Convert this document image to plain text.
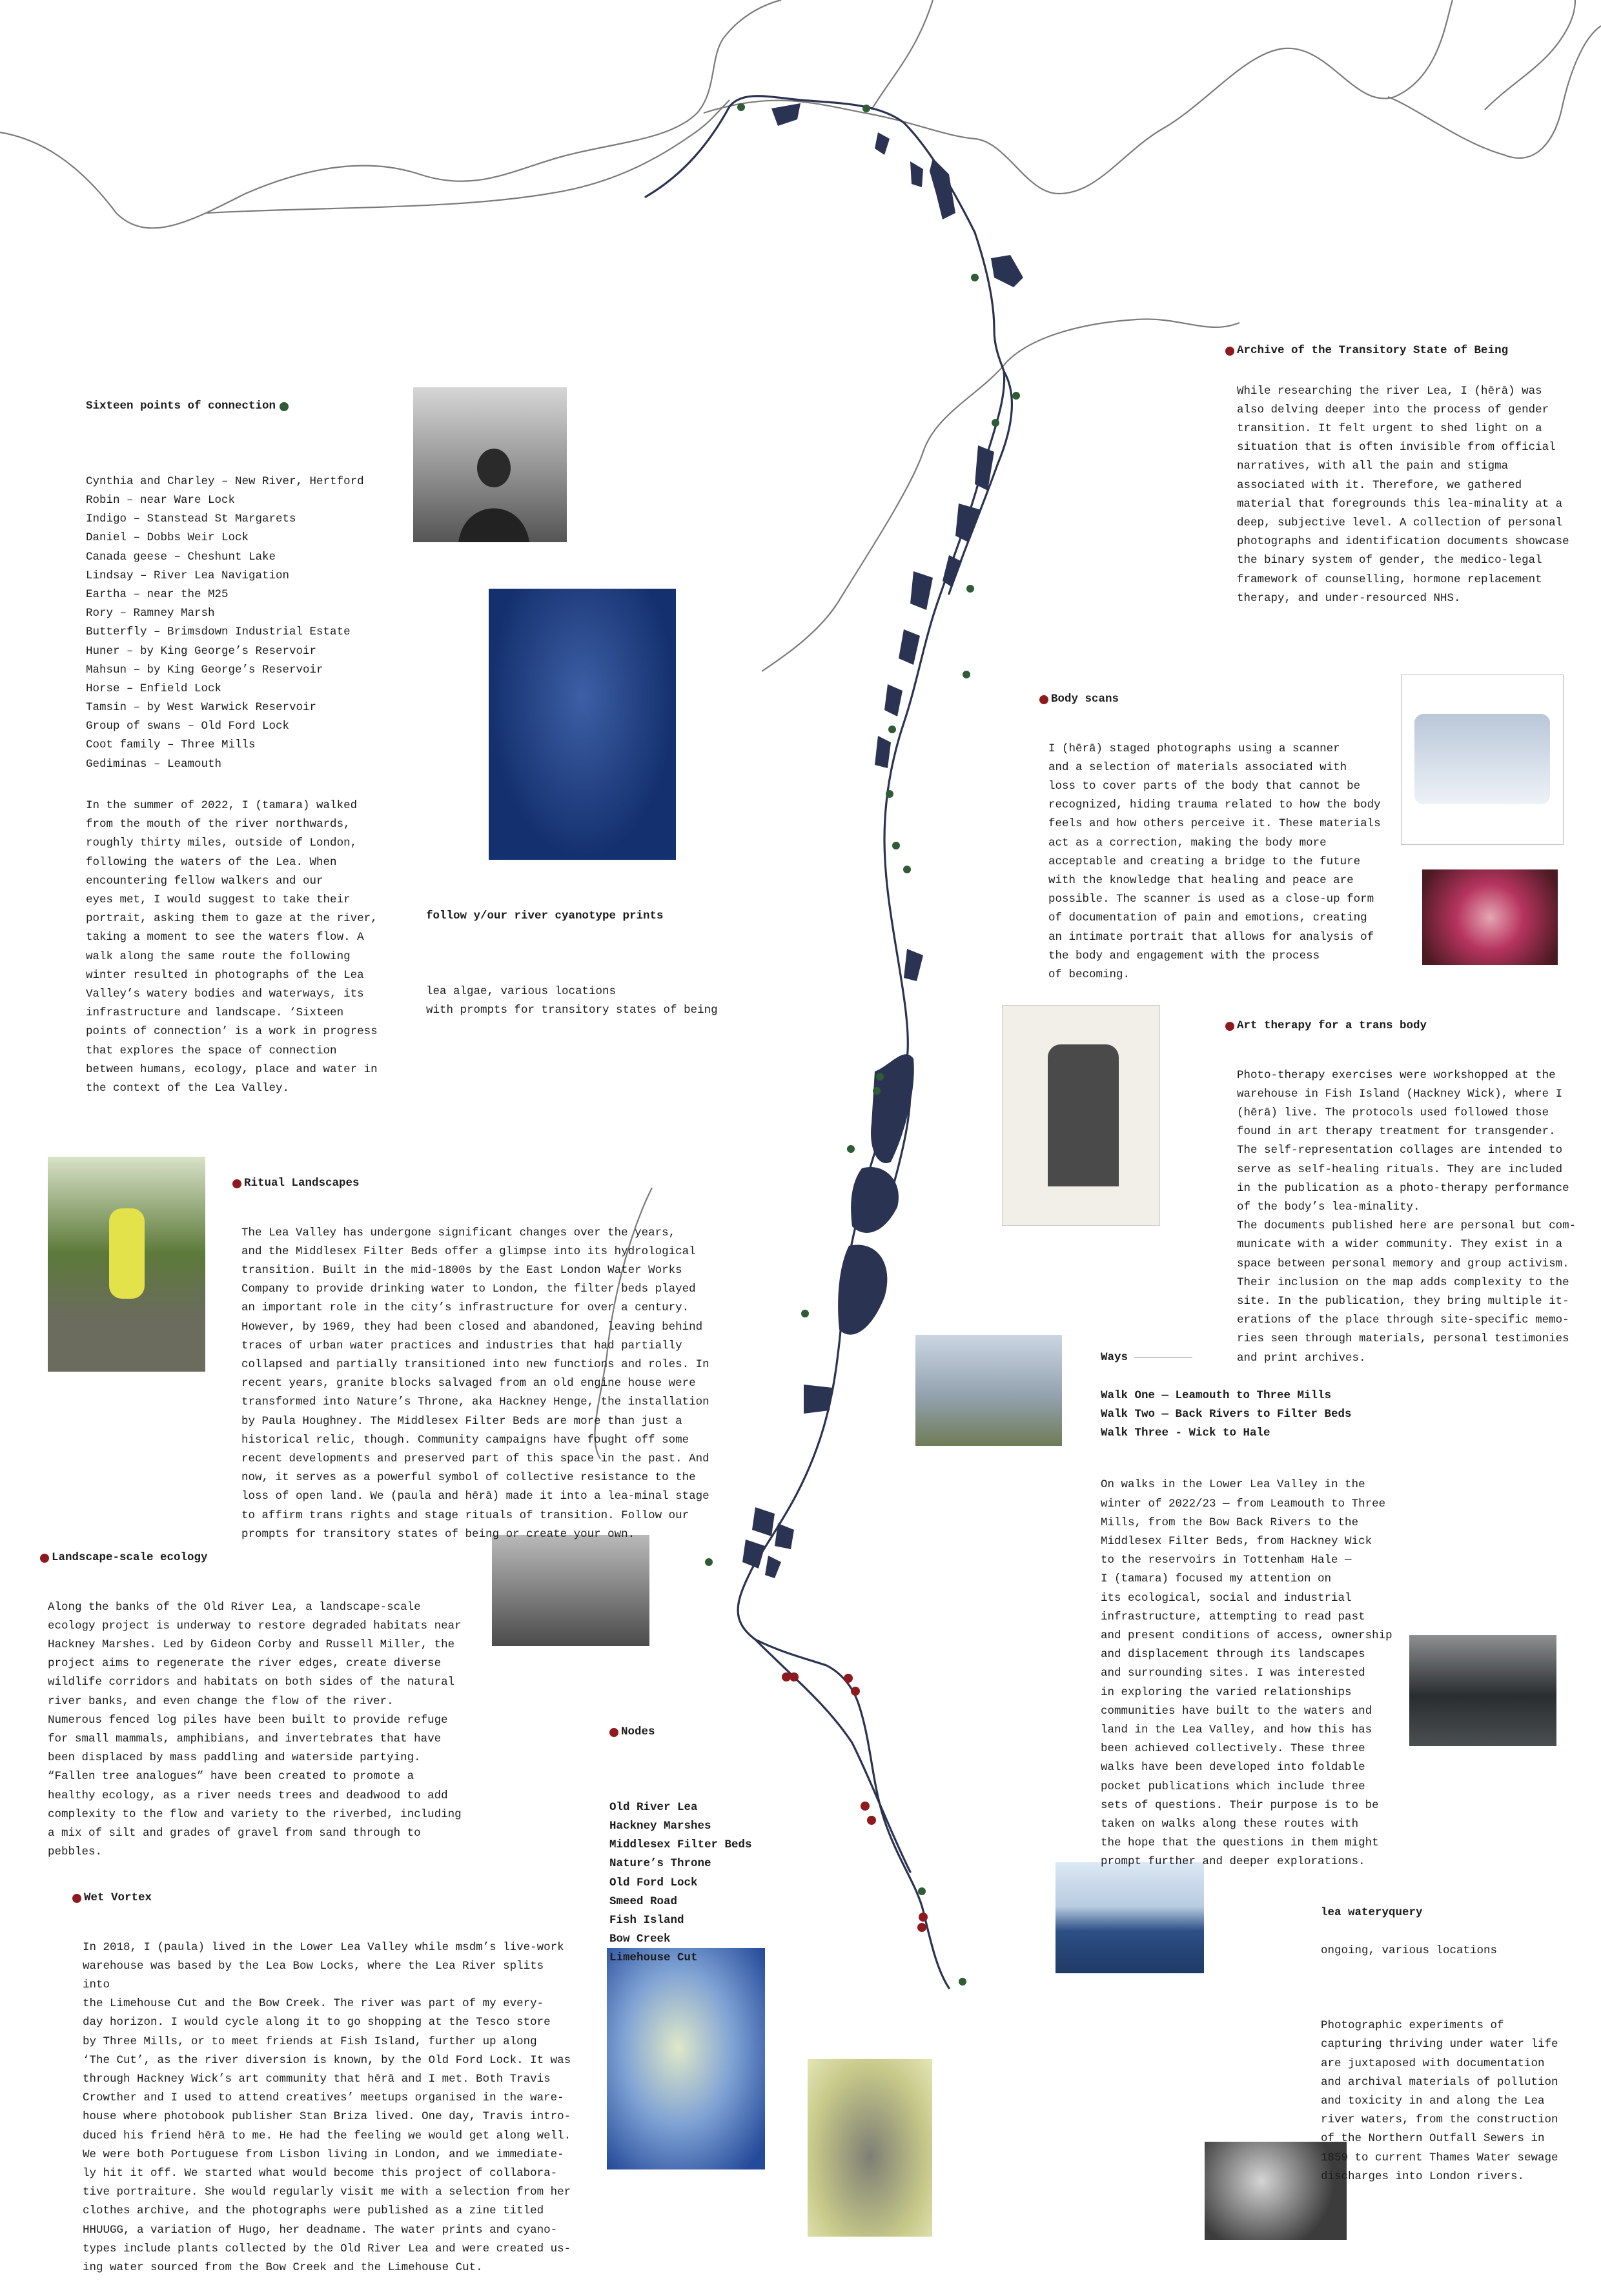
Sixteen points of connection

Cynthia and Charley – New River, Hertford
Robin – near Ware Lock
Indigo – Stanstead St Margarets
Daniel – Dobbs Weir Lock
Canada geese – Cheshunt Lake
Lindsay – River Lea Navigation
Eartha – near the M25
Rory – Ramney Marsh
Butterfly – Brimsdown Industrial Estate
Huner – by King George’s Reservoir
Mahsun – by King George’s Reservoir
Horse – Enfield Lock
Tamsin – by West Warwick Reservoir
Group of swans – Old Ford Lock
Coot family – Three Mills
Gediminas – Leamouth

In the summer of 2022, I (tamara) walked
from the mouth of the river northwards,
roughly thirty miles, outside of London,
following the waters of the Lea. When
encountering fellow walkers and our
eyes met, I would suggest to take their
portrait, asking them to gaze at the river,
taking a moment to see the waters flow. A
walk along the same route the following
winter resulted in photographs of the Lea
Valley’s watery bodies and waterways, its
infrastructure and landscape. ‘Sixteen
points of connection’ is a work in progress
that explores the space of connection
between humans, ecology, place and water in
the context of the Lea Valley.

follow y/our river cyanotype prints

lea algae, various locations
with prompts for transitory states of being

Archive of the Transitory State of Being

While researching the river Lea, I (hērā) was
also delving deeper into the process of gender
transition. It felt urgent to shed light on a
situation that is often invisible from official
narratives, with all the pain and stigma
associated with it. Therefore, we gathered
material that foregrounds this lea-minality at a
deep, subjective level. A collection of personal
photographs and identification documents showcase
the binary system of gender, the medico-legal
framework of counselling, hormone replacement
therapy, and under-resourced NHS.

Body scans

I (hērā) staged photographs using a scanner
and a selection of materials associated with
loss to cover parts of the body that cannot be
recognized, hiding trauma related to how the body
feels and how others perceive it. These materials
act as a correction, making the body more
acceptable and creating a bridge to the future
with the knowledge that healing and peace are
possible. The scanner is used as a close-up form
of documentation of pain and emotions, creating
an intimate portrait that allows for analysis of
the body and engagement with the process
of becoming.

Art therapy for a trans body

Photo-therapy exercises were workshopped at the
warehouse in Fish Island (Hackney Wick), where I
(hērā) live. The protocols used followed those
found in art therapy treatment for transgender.
The self-representation collages are intended to
serve as self-healing rituals. They are included
in the publication as a photo-therapy performance
of the body’s lea-minality.
The documents published here are personal but com-
municate with a wider community. They exist in a
space between personal memory and group activism.
Their inclusion on the map adds complexity to the
site. In the publication, they bring multiple it-
erations of the place through site-specific memo-
ries seen through materials, personal testimonies
and print archives.

Ritual Landscapes

The Lea Valley has undergone significant changes over the years,
and the Middlesex Filter Beds offer a glimpse into its hydrological
transition. Built in the mid-1800s by the East London Water Works
Company to provide drinking water to London, the filter beds played
an important role in the city’s infrastructure for over a century.
However, by 1969, they had been closed and abandoned, leaving behind
traces of urban water practices and industries that had partially
collapsed and partially transitioned into new functions and roles. In
recent years, granite blocks salvaged from an old engine house were
transformed into Nature’s Throne, aka Hackney Henge, the installation
by Paula Houghney. The Middlesex Filter Beds are more than just a
historical relic, though. Community campaigns have fought off some
recent developments and preserved part of this space in the past. And
now, it serves as a powerful symbol of collective resistance to the
loss of open land. We (paula and hērā) made it into a lea-minal stage
to affirm trans rights and stage rituals of transition. Follow our
prompts for transitory states of being or create your own.

Ways

Walk One — Leamouth to Three Mills
Walk Two — Back Rivers to Filter Beds
Walk Three - Wick to Hale

On walks in the Lower Lea Valley in the
winter of 2022/23 — from Leamouth to Three
Mills, from the Bow Back Rivers to the
Middlesex Filter Beds, from Hackney Wick
to the reservoirs in Tottenham Hale —
I (tamara) focused my attention on
its ecological, social and industrial
infrastructure, attempting to read past
and present conditions of access, ownership
and displacement through its landscapes
and surrounding sites. I was interested
in exploring the varied relationships
communities have built to the waters and
land in the Lea Valley, and how this has
been achieved collectively. These three
walks have been developed into foldable
pocket publications which include three
sets of questions. Their purpose is to be
taken on walks along these routes with
the hope that the questions in them might
prompt further and deeper explorations.

Landscape-scale ecology

Along the banks of the Old River Lea, a landscape-scale
ecology project is underway to restore degraded habitats near
Hackney Marshes. Led by Gideon Corby and Russell Miller, the
project aims to regenerate the river edges, create diverse
wildlife corridors and habitats on both sides of the natural
river banks, and even change the flow of the river.
Numerous fenced log piles have been built to provide refuge
for small mammals, amphibians, and invertebrates that have
been displaced by mass paddling and waterside partying.
“Fallen tree analogues” have been created to promote a
healthy ecology, as a river needs trees and deadwood to add
complexity to the flow and variety to the riverbed, including
a mix of silt and grades of gravel from sand through to
pebbles.

Nodes

Old River Lea
Hackney Marshes
Middlesex Filter Beds
Nature’s Throne
Old Ford Lock
Smeed Road
Fish Island
Bow Creek
Limehouse Cut

Wet Vortex

In 2018, I (paula) lived in the Lower Lea Valley while msdm’s live-work
warehouse was based by the Lea Bow Locks, where the Lea River splits into
the Limehouse Cut and the Bow Creek. The river was part of my every-
day horizon. I would cycle along it to go shopping at the Tesco store
by Three Mills, or to meet friends at Fish Island, further up along
‘The Cut’, as the river diversion is known, by the Old Ford Lock. It was
through Hackney Wick’s art community that hērā and I met. Both Travis
Crowther and I used to attend creatives’ meetups organised in the ware-
house where photobook publisher Stan Briza lived. One day, Travis intro-
duced his friend hērā to me. He had the feeling we would get along well.
We were both Portuguese from Lisbon living in London, and we immediate-
ly hit it off. We started what would become this project of collabora-
tive portraiture. She would regularly visit me with a selection from her
clothes archive, and the photographs were published as a zine titled
HHUUGG, a variation of Hugo, her deadname. The water prints and cyano-
types include plants collected by the Old River Lea and were created us-
ing water sourced from the Bow Creek and the Limehouse Cut.

lea wateryquery

ongoing, various locations

Photographic experiments of
capturing thriving under water life
are juxtaposed with documentation
and archival materials of pollution
and toxicity in and along the Lea
river waters, from the construction
of the Northern Outfall Sewers in
1859 to current Thames Water sewage
discharges into London rivers.
